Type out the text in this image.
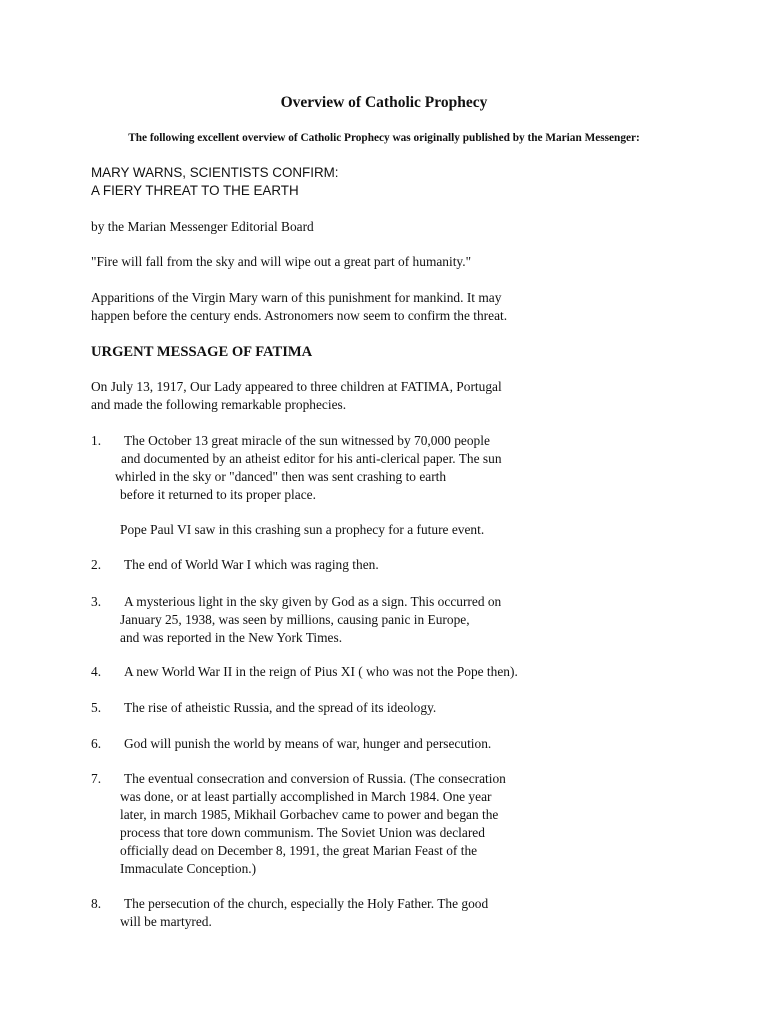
Overview of Catholic Prophecy
The following excellent overview of Catholic Prophecy was originally published by the Marian Messenger:
MARY WARNS, SCIENTISTS CONFIRM:
A FIERY THREAT TO THE EARTH
by the Marian Messenger Editorial Board
"Fire will fall from the sky and will wipe out a great part of humanity."
Apparitions of the Virgin Mary warn of this punishment for mankind. It may
happen before the century ends. Astronomers now seem to confirm the threat.
URGENT MESSAGE OF FATIMA
On July 13, 1917, Our Lady appeared to three children at FATIMA, Portugal
and made the following remarkable prophecies.
1. The October 13 great miracle of the sun witnessed by 70,000 people
and documented by an atheist editor for his anti-clerical paper. The sun
whirled in the sky or "danced" then was sent crashing to earth
before it returned to its proper place.
Pope Paul VI saw in this crashing sun a prophecy for a future event.
2. The end of World War I which was raging then.
3. A mysterious light in the sky given by God as a sign. This occurred on
January 25, 1938, was seen by millions, causing panic in Europe,
and was reported in the New York Times.
4. A new World War II in the reign of Pius XI ( who was not the Pope then).
5. The rise of atheistic Russia, and the spread of its ideology.
6. God will punish the world by means of war, hunger and persecution.
7. The eventual consecration and conversion of Russia. (The consecration
was done, or at least partially accomplished in March 1984. One year
later, in march 1985, Mikhail Gorbachev came to power and began the
process that tore down communism. The Soviet Union was declared
officially dead on December 8, 1991, the great Marian Feast of the
Immaculate Conception.)
8. The persecution of the church, especially the Holy Father. The good
will be martyred.
